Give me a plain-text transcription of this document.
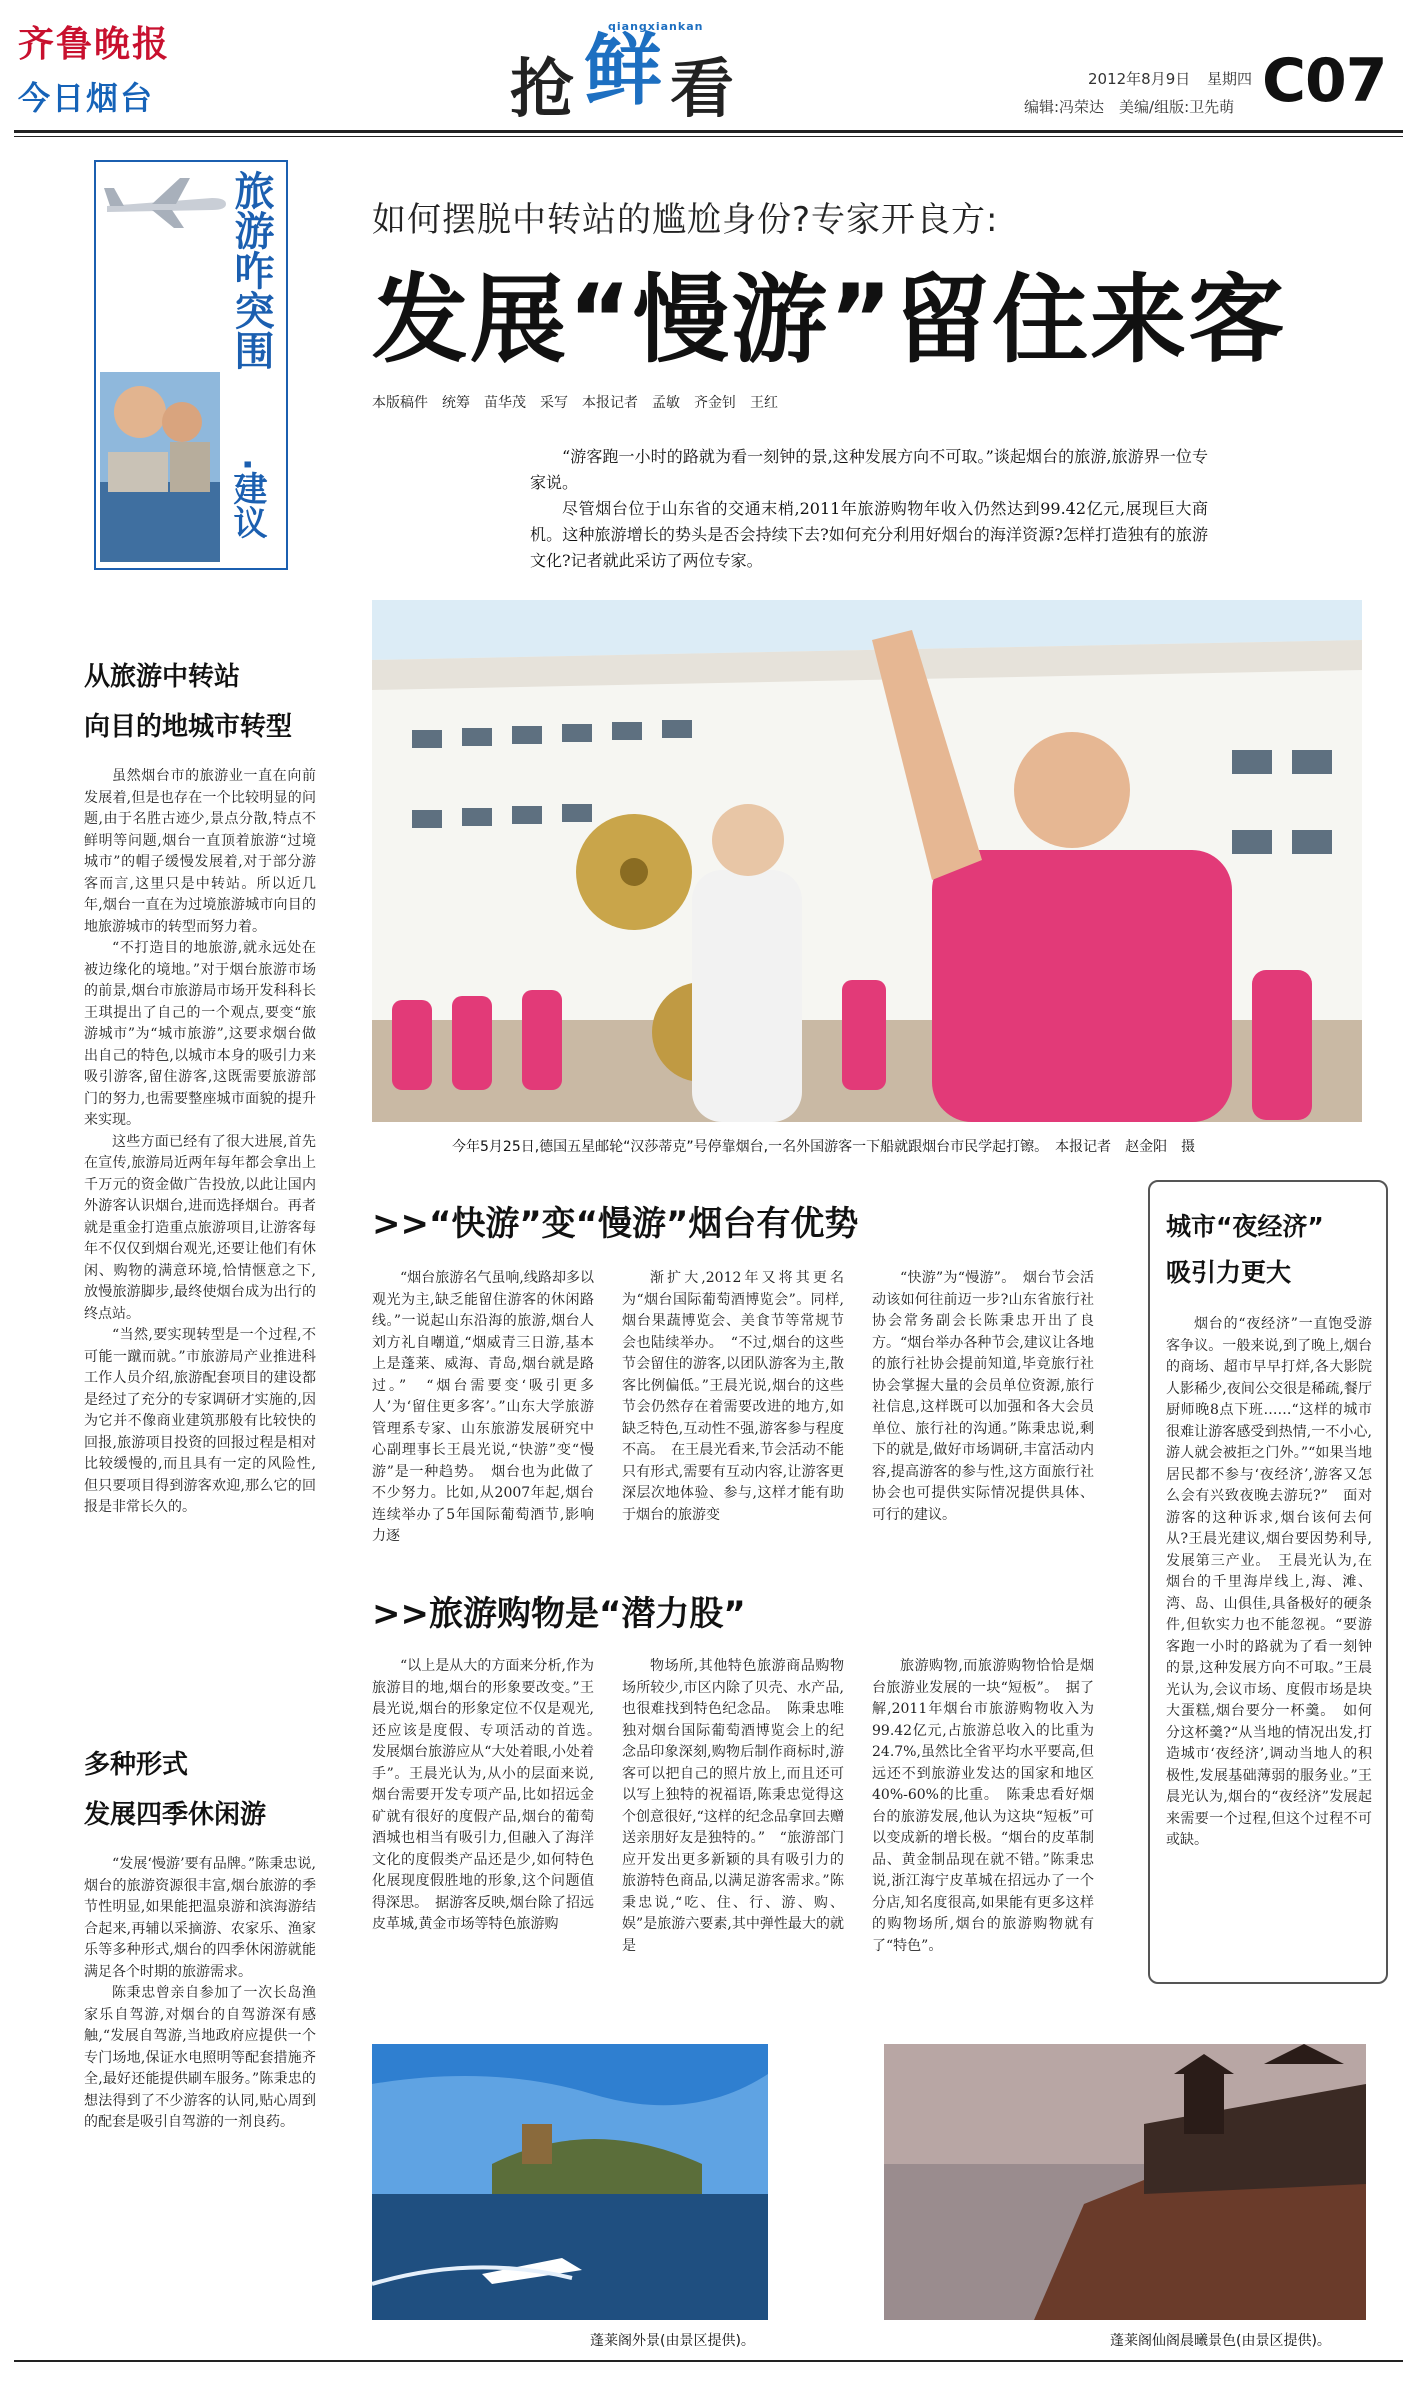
齐鲁晚报
今日烟台
qiangxiankan
抢 鲜 看	2012年8月9日 星期四
编辑:冯荣达　美编/组版:卫先萌 C07
旅游咋突围
·建议
如何摆脱中转站的尴尬身份?专家开良方:
发展“慢游”留住来客
本版稿件　统筹　苗华茂　采写　本报记者　孟敏　齐金钊　王红

“游客跑一小时的路就为看一刻钟的景,这种发展方向不可取。”谈起烟台的旅游,旅游界一位专家说。

尽管烟台位于山东省的交通末梢,2011年旅游购物年收入仍然达到99.42亿元,展现巨大商机。这种旅游增长的势头是否会持续下去?如何充分利用好烟台的海洋资源?怎样打造独有的旅游文化?记者就此采访了两位专家。

今年5月25日,德国五星邮轮“汉莎蒂克”号停靠烟台,一名外国游客一下船就跟烟台市民学起打镲。　本报记者　赵金阳　摄
从旅游中转站
向目的地城市转型

虽然烟台市的旅游业一直在向前发展着,但是也存在一个比较明显的问题,由于名胜古迹少,景点分散,特点不鲜明等问题,烟台一直顶着旅游“过境城市”的帽子缓慢发展着,对于部分游客而言,这里只是中转站。所以近几年,烟台一直在为过境旅游城市向目的地旅游城市的转型而努力着。

“不打造目的地旅游,就永远处在被边缘化的境地。”对于烟台旅游市场的前景,烟台市旅游局市场开发科科长王琪提出了自己的一个观点,要变“旅游城市”为“城市旅游”,这要求烟台做出自己的特色,以城市本身的吸引力来吸引游客,留住游客,这既需要旅游部门的努力,也需要整座城市面貌的提升来实现。

这些方面已经有了很大进展,首先在宣传,旅游局近两年每年都会拿出上千万元的资金做广告投放,以此让国内外游客认识烟台,进而选择烟台。再者就是重金打造重点旅游项目,让游客每年不仅仅到烟台观光,还要让他们有休闲、购物的满意环境,恰情惬意之下,放慢旅游脚步,最终使烟台成为出行的终点站。

“当然,要实现转型是一个过程,不可能一蹴而就。”市旅游局产业推进科工作人员介绍,旅游配套项目的建设都是经过了充分的专家调研才实施的,因为它并不像商业建筑那般有比较快的回报,旅游项目投资的回报过程是相对比较缓慢的,而且具有一定的风险性,但只要项目得到游客欢迎,那么它的回报是非常长久的。

多种形式
发展四季休闲游

“发展‘慢游’要有品牌。”陈秉忠说,烟台的旅游资源很丰富,烟台旅游的季节性明显,如果能把温泉游和滨海游结合起来,再辅以采摘游、农家乐、渔家乐等多种形式,烟台的四季休闲游就能满足各个时期的旅游需求。

陈秉忠曾亲自参加了一次长岛渔家乐自驾游,对烟台的自驾游深有感触,“发展自驾游,当地政府应提供一个专门场地,保证水电照明等配套措施齐全,最好还能提供刷车服务。”陈秉忠的想法得到了不少游客的认同,贴心周到的配套是吸引自驾游的一剂良药。

>>“快游”变“慢游”烟台有优势

“烟台旅游名气虽响,线路却多以观光为主,缺乏能留住游客的休闲路线。”一说起山东沿海的旅游,烟台人刘方礼自嘲道,“烟威青三日游,基本上是蓬莱、威海、青岛,烟台就是路过。”　“烟台需要变‘吸引更多人’为‘留住更多客’。”山东大学旅游管理系专家、山东旅游发展研究中心副理事长王晨光说,“快游”变“慢游”是一种趋势。　烟台也为此做了不少努力。比如,从2007年起,烟台连续举办了5年国际葡萄酒节,影响力逐

渐扩大,2012年又将其更名为“烟台国际葡萄酒博览会”。同样,烟台果蔬博览会、美食节等常规节会也陆续举办。　“不过,烟台的这些节会留住的游客,以团队游客为主,散客比例偏低。”王晨光说,烟台的这些节会仍然存在着需要改进的地方,如缺乏特色,互动性不强,游客参与程度不高。　在王晨光看来,节会活动不能只有形式,需要有互动内容,让游客更深层次地体验、参与,这样才能有助于烟台的旅游变

“快游”为“慢游”。　烟台节会活动该如何往前迈一步?山东省旅行社协会常务副会长陈秉忠开出了良方。“烟台举办各种节会,建议让各地的旅行社协会提前知道,毕竟旅行社协会掌握大量的会员单位资源,旅行社信息,这样既可以加强和各大会员单位、旅行社的沟通。”陈秉忠说,剩下的就是,做好市场调研,丰富活动内容,提高游客的参与性,这方面旅行社协会也可提供实际情况提供具体、可行的建议。

>>旅游购物是“潜力股”

“以上是从大的方面来分析,作为旅游目的地,烟台的形象要改变。”王晨光说,烟台的形象定位不仅是观光,还应该是度假、专项活动的首选。　发展烟台旅游应从“大处着眼,小处着手”。王晨光认为,从小的层面来说,烟台需要开发专项产品,比如招远金矿就有很好的度假产品,烟台的葡萄酒城也相当有吸引力,但融入了海洋文化的度假类产品还是少,如何特色化展现度假胜地的形象,这个问题值得深思。　据游客反映,烟台除了招远皮革城,黄金市场等特色旅游购

物场所,其他特色旅游商品购物场所较少,市区内除了贝壳、水产品,也很难找到特色纪念品。　陈秉忠唯独对烟台国际葡萄酒博览会上的纪念品印象深刻,购物后制作商标时,游客可以把自己的照片放上,而且还可以写上独特的祝福语,陈秉忠觉得这个创意很好,“这样的纪念品拿回去赠送亲朋好友是独特的。”　“旅游部门应开发出更多新颖的具有吸引力的旅游特色商品,以满足游客需求。”陈秉忠说,“吃、住、行、游、购、娱”是旅游六要素,其中弹性最大的就是

旅游购物,而旅游购物恰恰是烟台旅游业发展的一块“短板”。　据了解,2011年烟台市旅游购物收入为99.42亿元,占旅游总收入的比重为24.7%,虽然比全省平均水平要高,但远还不到旅游业发达的国家和地区40%-60%的比重。　陈秉忠看好烟台的旅游发展,他认为这块“短板”可以变成新的增长极。“烟台的皮革制品、黄金制品现在就不错。”陈秉忠说,浙江海宁皮革城在招远办了一个分店,知名度很高,如果能有更多这样的购物场所,烟台的旅游购物就有了“特色”。

城市“夜经济”
吸引力更大

烟台的“夜经济”一直饱受游客争议。一般来说,到了晚上,烟台的商场、超市早早打烊,各大影院人影稀少,夜间公交很是稀疏,餐厅厨师晚8点下班……“这样的城市很难让游客感受到热情,一不小心,游人就会被拒之门外。”“如果当地居民都不参与‘夜经济’,游客又怎么会有兴致夜晚去游玩?”　面对游客的这种诉求,烟台该何去何从?王晨光建议,烟台要因势利导,发展第三产业。　王晨光认为,在烟台的千里海岸线上,海、滩、湾、岛、山俱佳,具备极好的硬条件,但软实力也不能忽视。“要游客跑一小时的路就为了看一刻钟的景,这种发展方向不可取。”王晨光认为,会议市场、度假市场是块大蛋糕,烟台要分一杯羹。　如何分这杯羹?“从当地的情况出发,打造城市‘夜经济’,调动当地人的积极性,发展基础薄弱的服务业。”王晨光认为,烟台的“夜经济”发展起来需要一个过程,但这个过程不可或缺。

蓬莱阁外景(由景区提供)。	蓬莱阁仙阁晨曦景色(由景区提供)。
